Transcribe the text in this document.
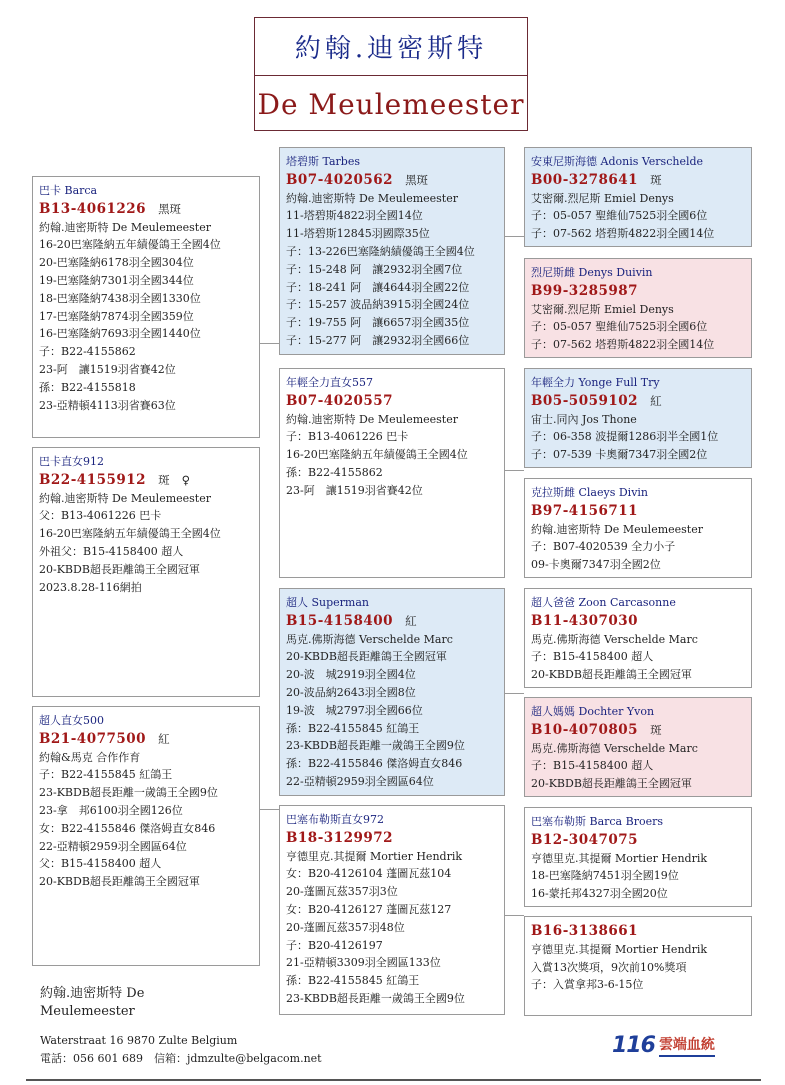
約翰.迪密斯特
De Meulemeester
巴卡 Barca
B13-4061226 黑斑
約翰.迪密斯特 De Meulemeester
16-20巴塞隆納五年績優鴿王全國4位
20-巴塞隆納6178羽全國304位
19-巴塞隆納7301羽全國344位
18-巴塞隆納7438羽全國1330位
17-巴塞隆納7874羽全國359位
16-巴塞隆納7693羽全國1440位
子：B22-4155862
23-阿　讓1519羽省賽42位
孫：B22-4155818
23-亞精頓4113羽省賽63位
巴卡直女912
B22-4155912 斑 ♀
約翰.迪密斯特 De Meulemeester
父：B13-4061226 巴卡
16-20巴塞隆納五年績優鴿王全國4位
外祖父：B15-4158400 超人
20-KBDB超長距離鴿王全國冠軍
2023.8.28-116網拍
超人直女500
B21-4077500 紅
約翰&馬克 合作作育
子：B22-4155845 紅鴿王
23-KBDB超長距離一歲鴿王全國9位
23-拿　邦6100羽全國126位
女：B22-4155846 傑洛姆直女846
22-亞精頓2959羽全國區64位
父：B15-4158400 超人
20-KBDB超長距離鴿王全國冠軍
塔碧斯 Tarbes
B07-4020562 黑斑
約翰.迪密斯特 De Meulemeester
11-塔碧斯4822羽全國14位
11-塔碧斯12845羽國際35位
子：13-226巴塞隆納績優鴿王全國4位
子：15-248 阿　讓2932羽全國7位
子：18-241 阿　讓4644羽全國22位
子：15-257 波品納3915羽全國24位
子：19-755 阿　讓6657羽全國35位
子：15-277 阿　讓2932羽全國66位
年輕全力直女557
B07-4020557
約翰.迪密斯特 De Meulemeester
子：B13-4061226 巴卡
16-20巴塞隆納五年績優鴿王全國4位
孫：B22-4155862
23-阿　讓1519羽省賽42位
超人 Superman
B15-4158400 紅
馬克.佛斯海德 Verschelde Marc
20-KBDB超長距離鴿王全國冠軍
20-波　城2919羽全國4位
20-波品納2643羽全國8位
19-波　城2797羽全國66位
孫：B22-4155845 紅鴿王
23-KBDB超長距離一歲鴿王全國9位
孫：B22-4155846 傑洛姆直女846
22-亞精頓2959羽全國區64位
巴塞布勒斯直女972
B18-3129972
亨德里克.其提爾 Mortier Hendrik
女：B20-4126104 蓬圖瓦茲104
20-蓬圖瓦茲357羽3位
女：B20-4126127 蓬圖瓦茲127
20-蓬圖瓦茲357羽48位
子：B20-4126197
21-亞精頓3309羽全國區133位
孫：B22-4155845 紅鴿王
23-KBDB超長距離一歲鴿王全國9位
安東尼斯海德 Adonis Verschelde
B00-3278641 斑
艾密爾.烈尼斯 Emiel Denys
子：05-057 聖維仙7525羽全國6位
子：07-562 塔碧斯4822羽全國14位
烈尼斯雌 Denys Duivin
B99-3285987
艾密爾.烈尼斯 Emiel Denys
子：05-057 聖維仙7525羽全國6位
子：07-562 塔碧斯4822羽全國14位
年輕全力 Yonge Full Try
B05-5059102 紅
宙士.同內 Jos Thone
子：06-358 波提爾1286羽半全國1位
子：07-539 卡奧爾7347羽全國2位
克拉斯雌 Claeys Divin
B97-4156711
約翰.迪密斯特 De Meulemeester
子：B07-4020539 全力小子
09-卡奧爾7347羽全國2位
超人爸爸 Zoon Carcasonne
B11-4307030
馬克.佛斯海德 Verschelde Marc
子：B15-4158400 超人
20-KBDB超長距離鴿王全國冠軍
超人媽媽 Dochter Yvon
B10-4070805 斑
馬克.佛斯海德 Verschelde Marc
子：B15-4158400 超人
20-KBDB超長距離鴿王全國冠軍
巴塞布勒斯 Barca Broers
B12-3047075
亨德里克.其提爾 Mortier Hendrik
18-巴塞隆納7451羽全國19位
16-蒙托邦4327羽全國20位
B16-3138661
亨德里克.其提爾 Mortier Hendrik
入賞13次獎項，9次前10%獎項
子：入賞拿邦3-6-15位
約翰.迪密斯特 De Meulemeester
Waterstraat 16 9870 Zulte Belgium
電話：056 601 689　信箱：jdmzulte@belgacom.net
116 雲端血統
